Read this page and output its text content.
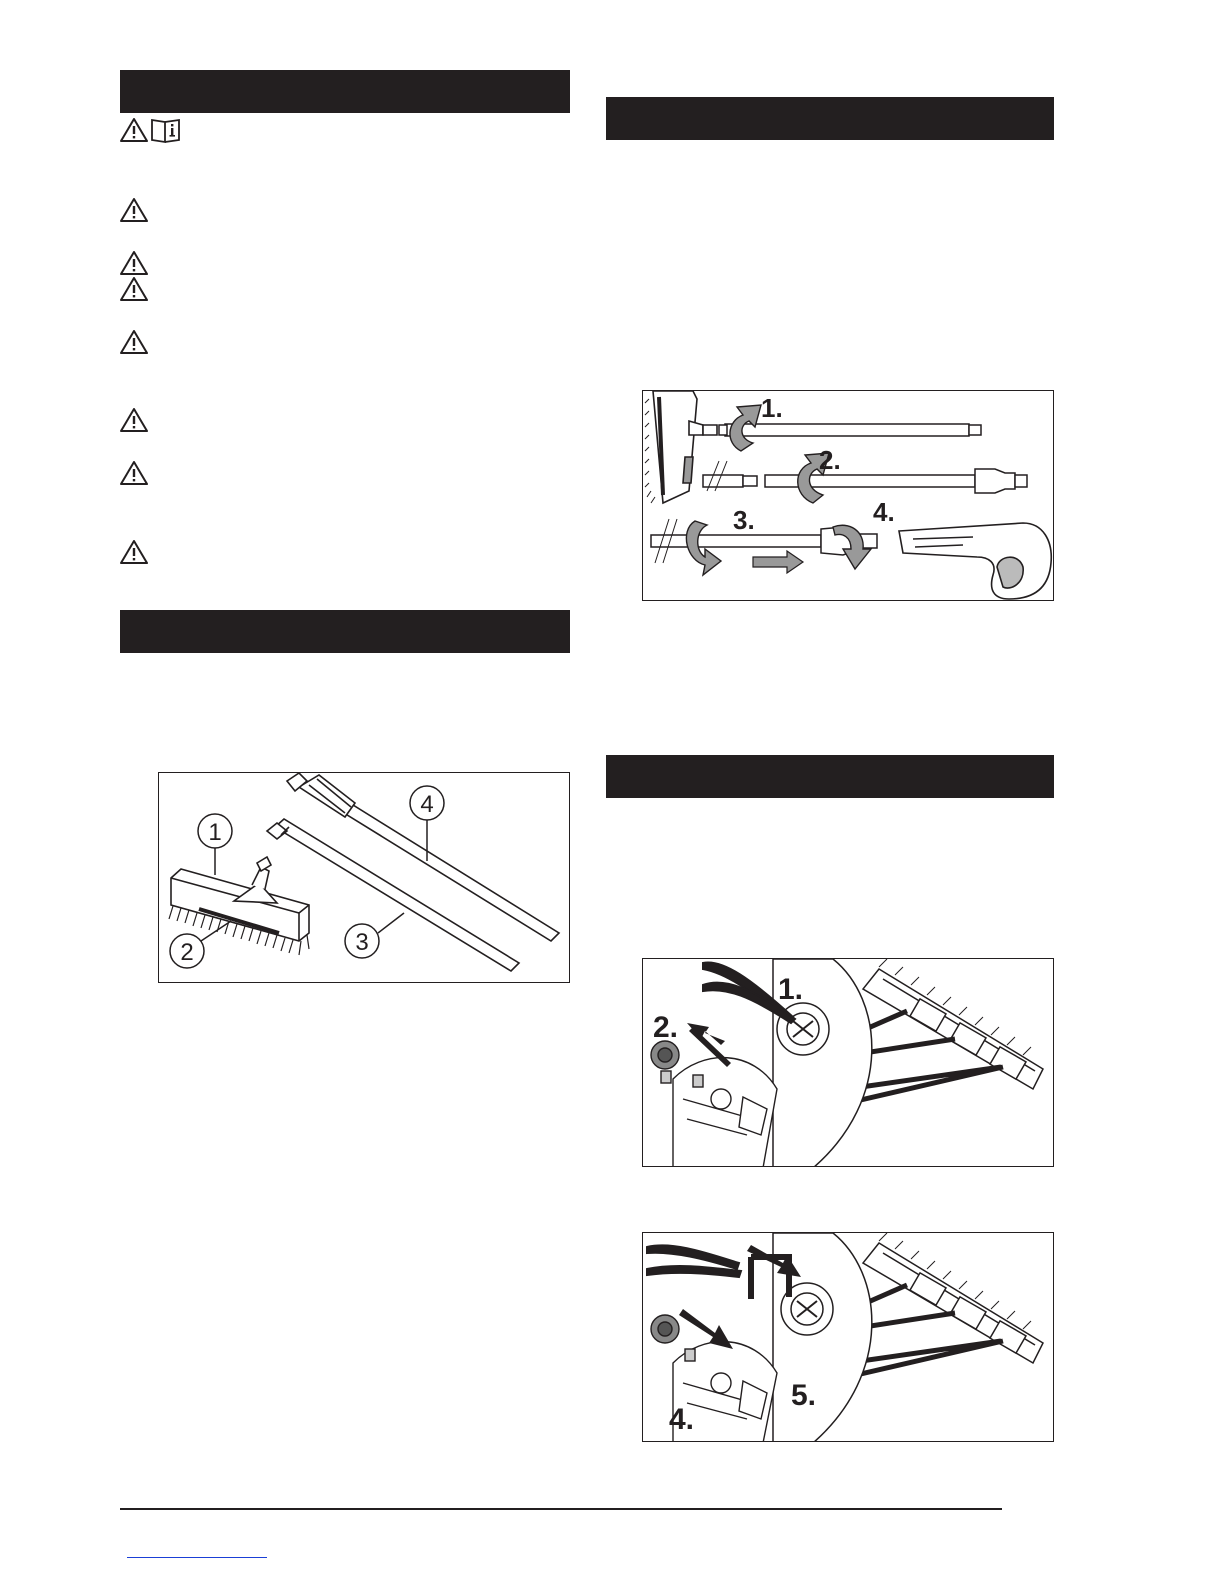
1
2	3
4
1.
2.
3.	4.
1.
2.
5.
4.
